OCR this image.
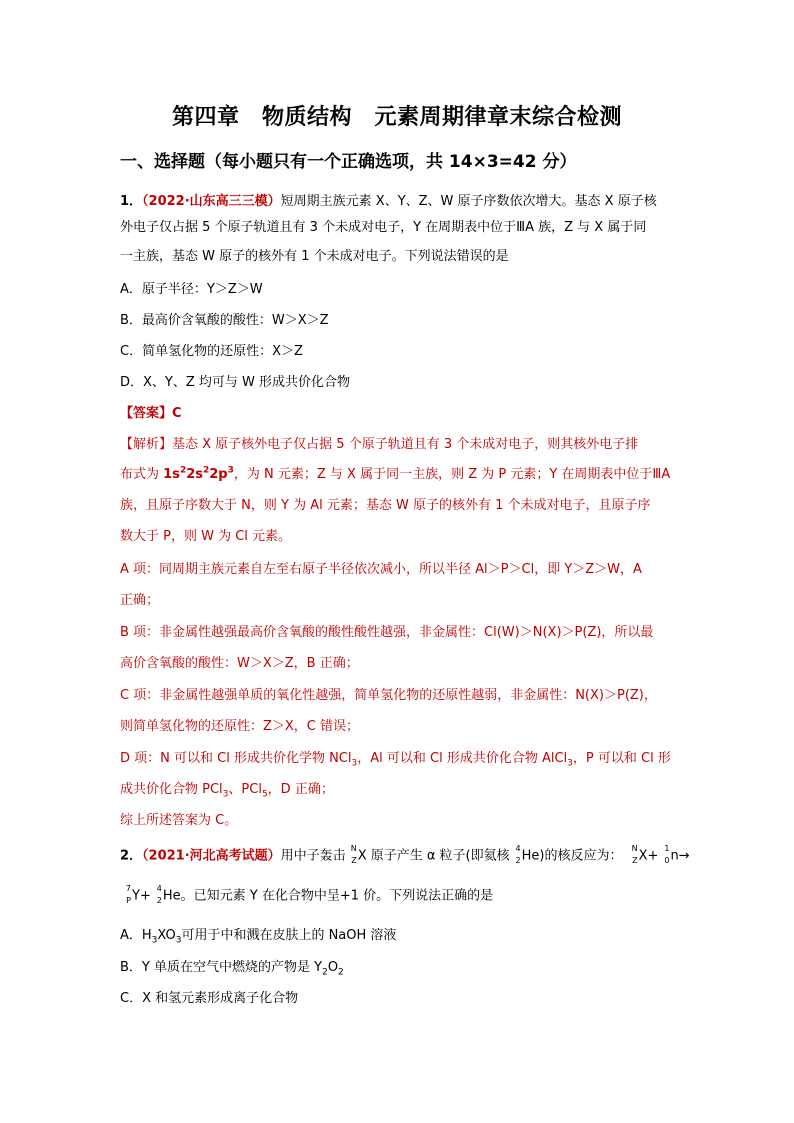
第四章　物质结构　元素周期律章末综合检测
一、选择题（每小题只有一个正确选项，共 14×3=42 分）
1．（2022·山东高三三模）短周期主族元素 X、Y、Z、W 原子序数依次增大。基态 X 原子核
外电子仅占据 5 个原子轨道且有 3 个未成对电子，Y 在周期表中位于ⅢA 族，Z 与 X 属于同
一主族，基态 W 原子的核外有 1 个未成对电子。下列说法错误的是
A．原子半径：Y＞Z＞W
B．最高价含氧酸的酸性：W＞X＞Z
C．简单氢化物的还原性：X＞Z
D．X、Y、Z 均可与 W 形成共价化合物
【答案】C
【解析】基态 X 原子核外电子仅占据 5 个原子轨道且有 3 个未成对电子，则其核外电子排
布式为 $1s^22s^22p^3$，为 N 元素；Z 与 X 属于同一主族，则 Z 为 P 元素；Y 在周期表中位于ⅢA
族，且原子序数大于 N，则 Y 为 Al 元素；基态 W 原子的核外有 1 个未成对电子，且原子序
数大于 P，则 W 为 Cl 元素。
A 项：同周期主族元素自左至右原子半径依次减小，所以半径 Al＞P＞Cl，即 Y＞Z＞W，A
正确；
B 项：非金属性越强最高价含氧酸的酸性酸性越强，非金属性：Cl(W)＞N(X)＞P(Z)，所以最
高价含氧酸的酸性：W＞X＞Z，B 正确；
C 项：非金属性越强单质的氧化性越强，简单氢化物的还原性越弱，非金属性：N(X)＞P(Z)，
则简单氢化物的还原性：Z＞X，C 错误；
D 项：N 可以和 Cl 形成共价化学物 NCl$_3$，Al 可以和 Cl 形成共价化合物 AlCl$_3$，P 可以和 Cl 形
成共价化合物 PCl$_3$、PCl$_5$，D 正确；
综上所述答案为 C。
2．（2021·河北高考试题）用中子轰击 N
Z X 原子产生 α 粒子(即氦核 4
2 He)的核反应为： N
Z X+ 1
0 n→
7
P Y+ 4
2 He。已知元素 Y 在化合物中呈+1 价。下列说法正确的是
A．$H_3XO_3$可用于中和溅在皮肤上的 NaOH 溶液
B．Y 单质在空气中燃烧的产物是 $Y_2O_2$
C．X 和氢元素形成离子化合物
